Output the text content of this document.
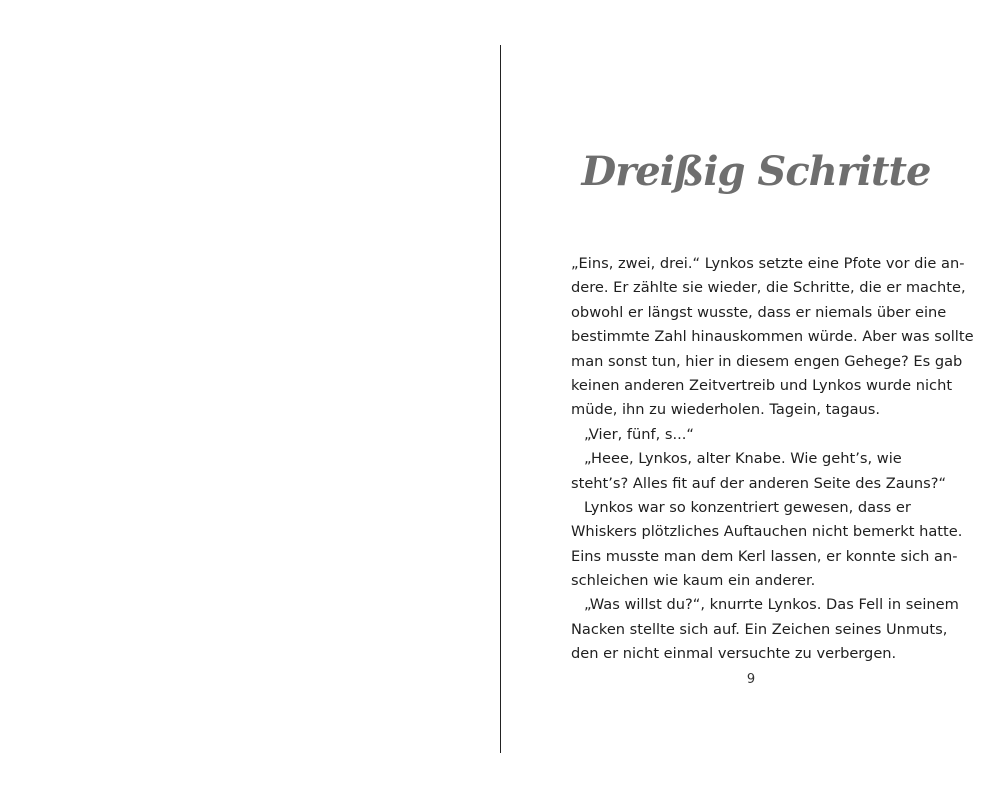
Dreißig Schritte
„Eins, zwei, drei.“ Lynkos setzte eine Pfote vor die an-
dere. Er zählte sie wieder, die Schritte, die er machte,
obwohl er längst wusste, dass er niemals über eine
bestimmte Zahl hinauskommen würde. Aber was sollte
man sonst tun, hier in diesem engen Gehege? Es gab
keinen anderen Zeitvertreib und Lynkos wurde nicht
müde, ihn zu wiederholen. Tagein, tagaus.
„Vier, fünf, s...“
„Heee, Lynkos, alter Knabe. Wie geht’s, wie
steht’s? Alles fit auf der anderen Seite des Zauns?“
Lynkos war so konzentriert gewesen, dass er
Whiskers plötzliches Auftauchen nicht bemerkt hatte.
Eins musste man dem Kerl lassen, er konnte sich an-
schleichen wie kaum ein anderer.
„Was willst du?“, knurrte Lynkos. Das Fell in seinem
Nacken stellte sich auf. Ein Zeichen seines Unmuts,
den er nicht einmal versuchte zu verbergen.
9
